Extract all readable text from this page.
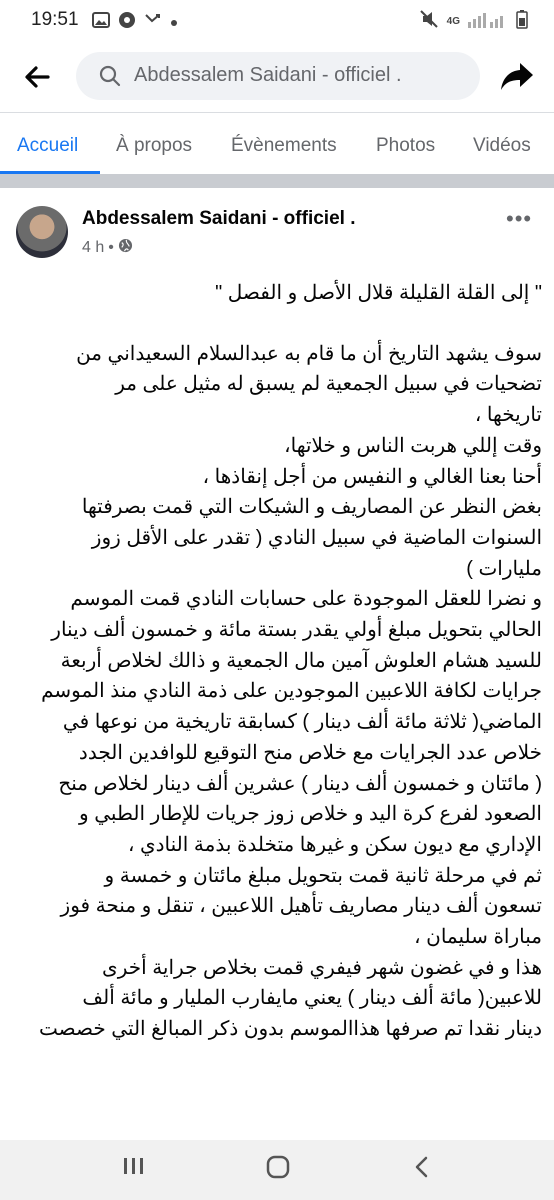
19:51	4G
Abdessalem Saidani - officiel .
Accueil À propos Évènements Photos Vidéos
Abdessalem Saidani - officiel .
4 h •
•••

" إلى القلة القليلة قلال الأصل و الفصل "

سوف يشهد التاريخ أن ما قام به عبدالسلام السعيداني من

تضحيات في سبيل الجمعية لم يسبق له مثيل على مر

تاريخها ،

وقت إللي هربت الناس و خلاتها،

أحنا بعنا الغالي و النفيس من أجل إنقاذها ،

بغض النظر عن المصاريف و الشيكات التي قمت بصرفتها

السنوات الماضية في سبيل النادي ( تقدر على الأقل زوز

مليارات )

و نضرا للعقل الموجودة على حسابات النادي قمت الموسم

الحالي بتحويل مبلغ أولي يقدر بستة مائة و خمسون ألف دينار

للسيد هشام العلوش آمين مال الجمعية و ذالك لخلاص أربعة

جرايات لكافة اللاعبين الموجودين على ذمة النادي منذ الموسم

الماضي( ثلاثة مائة ألف دينار ) كسابقة تاريخية من نوعها في

خلاص عدد الجرايات مع خلاص منح التوقيع للوافدين الجدد

( مائتان و خمسون ألف دينار ) عشرين ألف دينار لخلاص منح

الصعود لفرع كرة اليد و خلاص زوز جريات للإطار الطبي و

الإداري مع ديون سكن و غيرها متخلدة بذمة النادي ،

ثم في مرحلة ثانية قمت بتحويل مبلغ مائتان و خمسة و

تسعون ألف دينار مصاريف تأهيل اللاعبين ، تنقل و منحة فوز

مباراة سليمان ،

هذا و في غضون شهر فيفري قمت بخلاص جراية أخرى

للاعبين( مائة ألف دينار ) يعني مايفارب المليار و مائة ألف

دينار نقدا تم صرفها هذاالموسم بدون ذكر المبالغ التي خصصت
